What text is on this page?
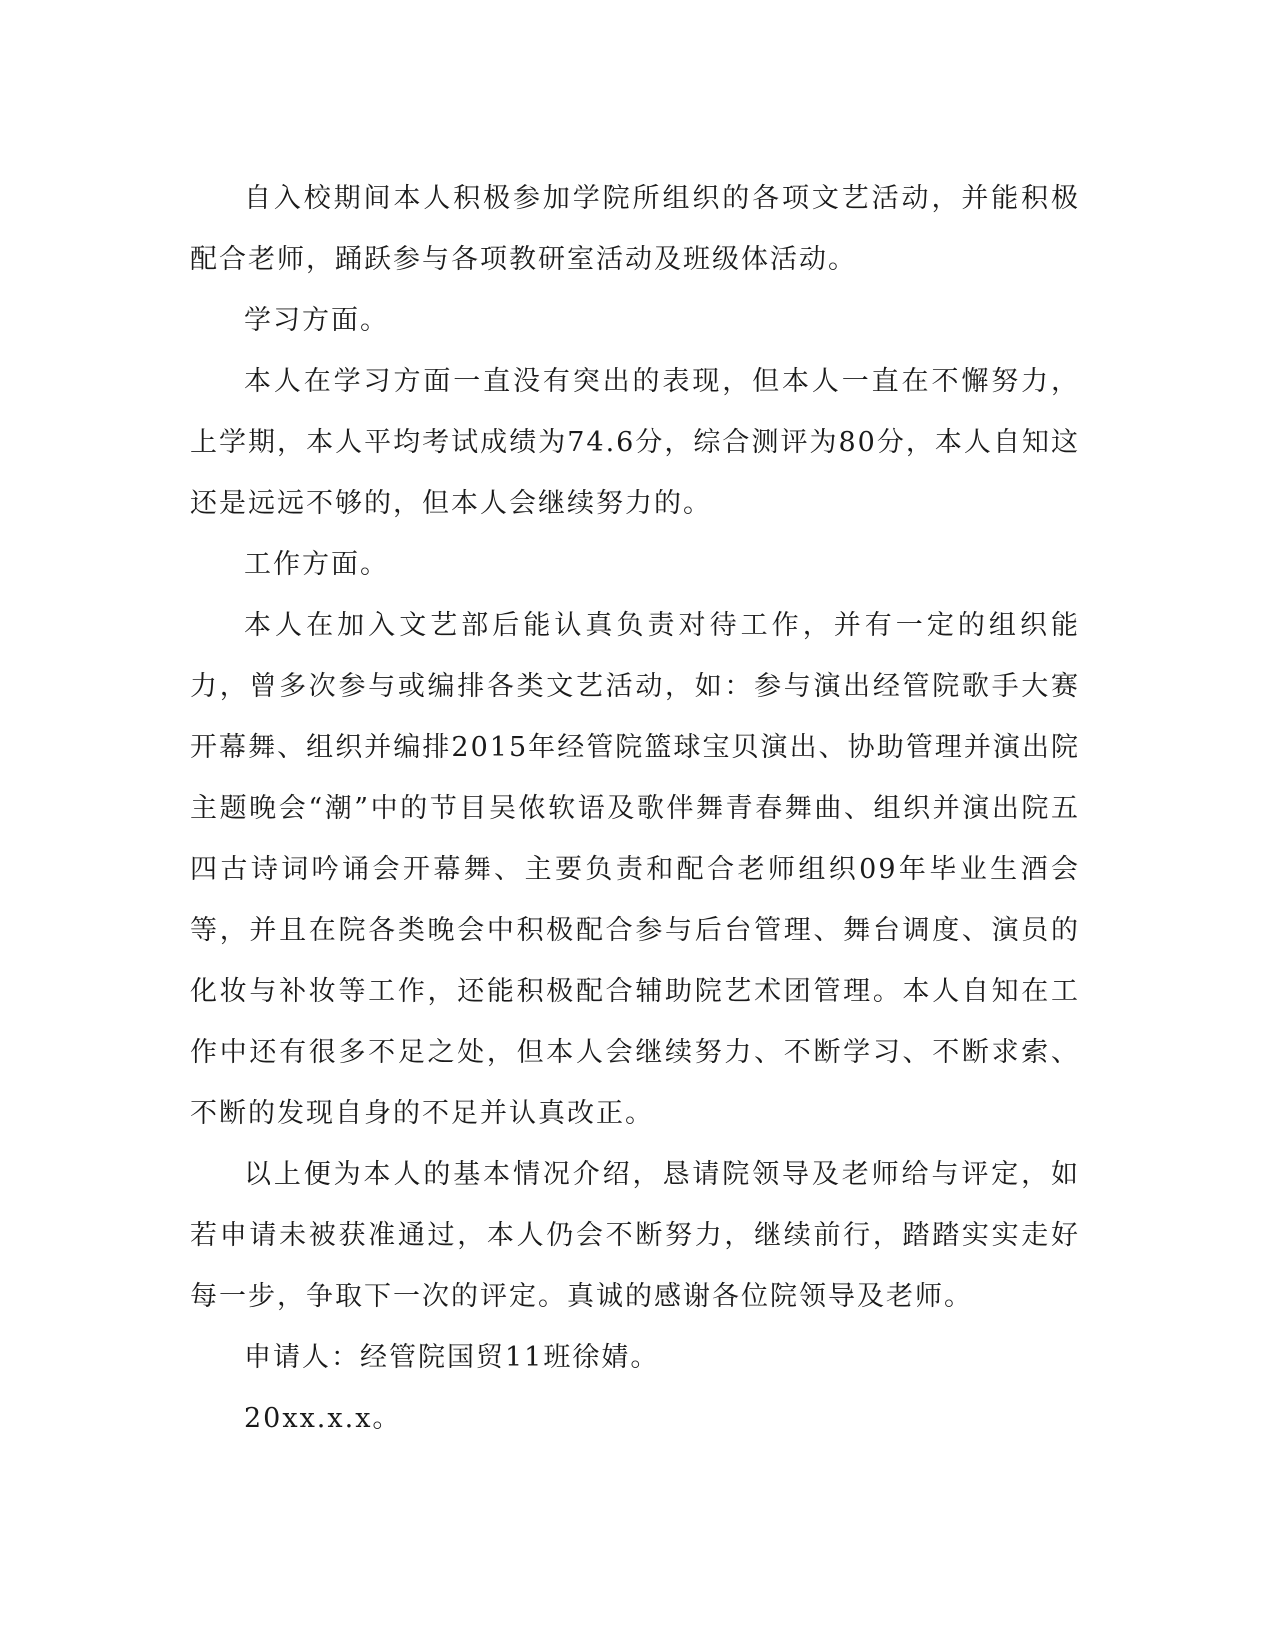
自入校期间本人积极参加学院所组织的各项文艺活动，并能积极配合老师，踊跃参与各项教研室活动及班级体活动。

学习方面。

本人在学习方面一直没有突出的表现，但本人一直在不懈努力，上学期，本人平均考试成绩为74.6分，综合测评为80分，本人自知这还是远远不够的，但本人会继续努力的。

工作方面。

本人在加入文艺部后能认真负责对待工作，并有一定的组织能力，曾多次参与或编排各类文艺活动，如：参与演出经管院歌手大赛开幕舞、组织并编排2015年经管院篮球宝贝演出、协助管理并演出院主题晚会“潮”中的节目吴侬软语及歌伴舞青春舞曲、组织并演出院五四古诗词吟诵会开幕舞、主要负责和配合老师组织09年毕业生酒会等，并且在院各类晚会中积极配合参与后台管理、舞台调度、演员的化妆与补妆等工作，还能积极配合辅助院艺术团管理。本人自知在工作中还有很多不足之处，但本人会继续努力、不断学习、不断求索、不断的发现自身的不足并认真改正。

以上便为本人的基本情况介绍，恳请院领导及老师给与评定，如若申请未被获准通过，本人仍会不断努力，继续前行，踏踏实实走好每一步，争取下一次的评定。真诚的感谢各位院领导及老师。

申请人：经管院国贸11班徐婧。

20xx.x.x。
